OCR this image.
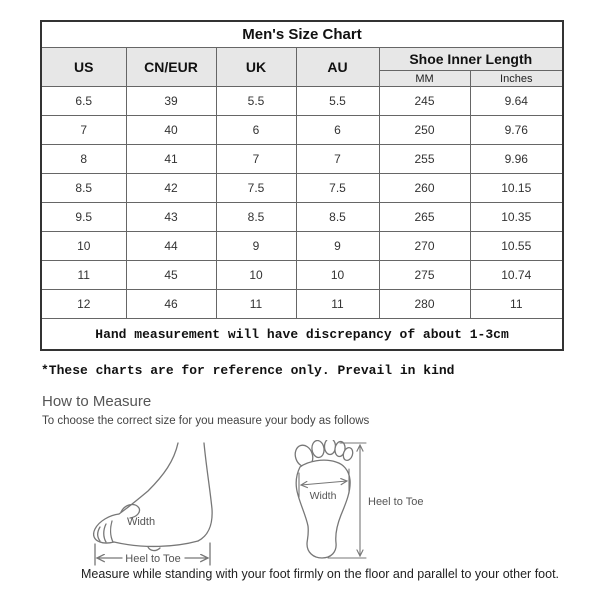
Men's Size Chart					
US	CN/EUR	UK	AU	Shoe Inner Length	
				MM	Inches
6.5	39	5.5	5.5	245	9.64
7	40	6	6	250	9.76
8	41	7	7	255	9.96
8.5	42	7.5	7.5	260	10.15
9.5	43	8.5	8.5	265	10.35
10	44	9	9	270	10.55
11	45	10	10	275	10.74
12	46	11	11	280	11
Hand measurement will have discrepancy of about 1-3cm					
*These charts are for reference only. Prevail in kind
How to Measure
To choose the correct size for you measure your body as follows
Width
Heel to Toe
Width	Heel to Toe
Measure while standing with your foot firmly on the floor and parallel to your other foot.
